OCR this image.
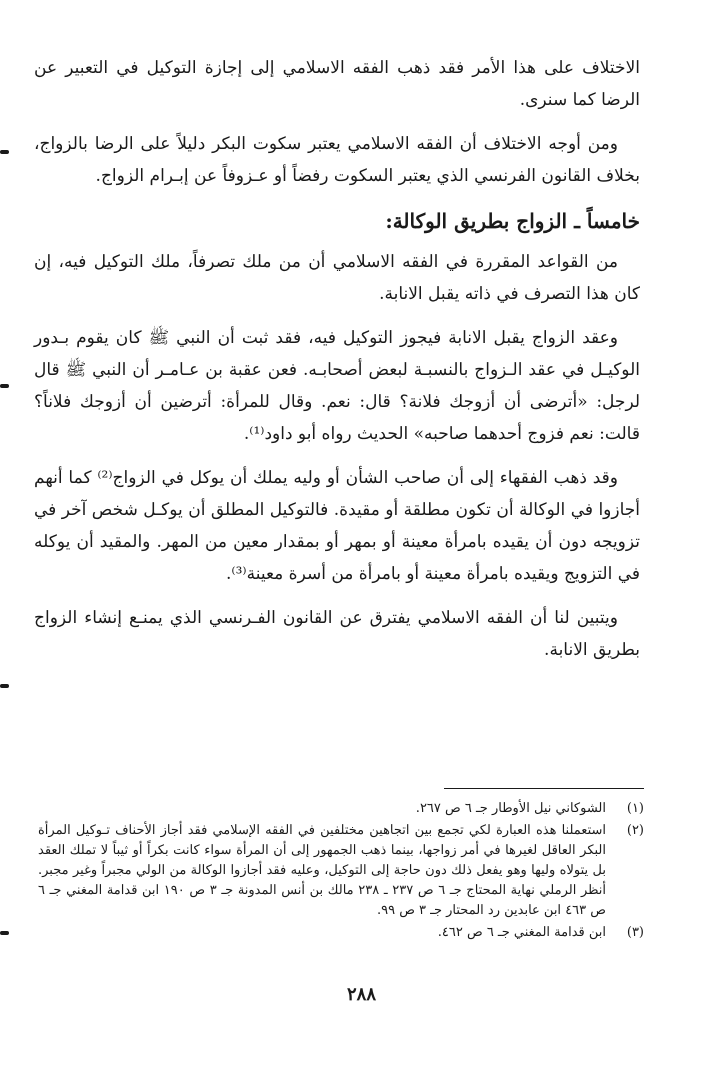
الاختلاف على هذا الأمر فقد ذهب الفقه الاسلامي إلى إجازة التوكيل في التعبير عن الرضا كما سنرى.

ومن أوجه الاختلاف أن الفقه الاسلامي يعتبر سكوت البكر دليلاً على الرضا بالزواج، بخلاف القانون الفرنسي الذي يعتبر السكوت رفضاً أو عـزوفاً عن إبـرام الزواج.

خامساً ـ الزواج بطريق الوكالة:

من القواعد المقررة في الفقه الاسلامي أن من ملك تصرفاً، ملك التوكيل فيه، إن كان هذا التصرف في ذاته يقبل الانابة.

وعقد الزواج يقبل الانابة فيجوز التوكيل فيه، فقد ثبت أن النبي ﷺ كان يقوم بـدور الوكيـل في عقد الـزواج بالنسبـة لبعض أصحابـه. فعن عقبة بن عـامـر أن النبي ﷺ قال لرجل: «أترضى أن أزوجك فلانة؟ قال: نعم. وقال للمرأة: أترضين أن أزوجك فلاناً؟ قالت: نعم فزوج أحدهما صاحبه» الحديث رواه أبو داود⁽¹⁾.

وقد ذهب الفقهاء إلى أن صاحب الشأن أو وليه يملك أن يوكل في الزواج⁽²⁾ كما أنهم أجازوا في الوكالة أن تكون مطلقة أو مقيدة. فالتوكيل المطلق أن يوكـل شخص آخر في تزويجه دون أن يقيده بامرأة معينة أو بمهر أو بمقدار معين من المهر. والمقيد أن يوكله في التزويج ويقيده بامرأة معينة أو بامرأة من أسرة معينة⁽³⁾.

ويتبين لنا أن الفقه الاسلامي يفترق عن القانون الفـرنسي الذي يمنـع إنشاء الزواج بطريق الانابة.

(١)
الشوكاني نيل الأوطار جـ ٦ ص ٢٦٧.
(٢)
استعملنا هذه العبارة لكي تجمع بين اتجاهين مختلفين في الفقه الإسلامي فقد أجاز الأحناف تـوكيل المرأة البكر العاقل لغيرها في أمر زواجها، بينما ذهب الجمهور إلى أن المرأة سواء كانت بكراً أو ثيباً لا تملك العقد بل يتولاه وليها وهو يفعل ذلك دون حاجة إلى التوكيل، وعليه فقد أجازوا الوكالة من الولي مجبراً وغير مجبر. أنظر الرملي نهاية المحتاج جـ ٦ ص ٢٣٧ ـ ٢٣٨ مالك بن أنس المدونة جـ ٣ ص ١٩٠ ابن قدامة المغني جـ ٦ ص ٤٦٣ ابن عابدين رد المحتار جـ ٣ ص ٩٩.
(٣)
ابن قدامة المغني جـ ٦ ص ٤٦٢.
٢٨٨
